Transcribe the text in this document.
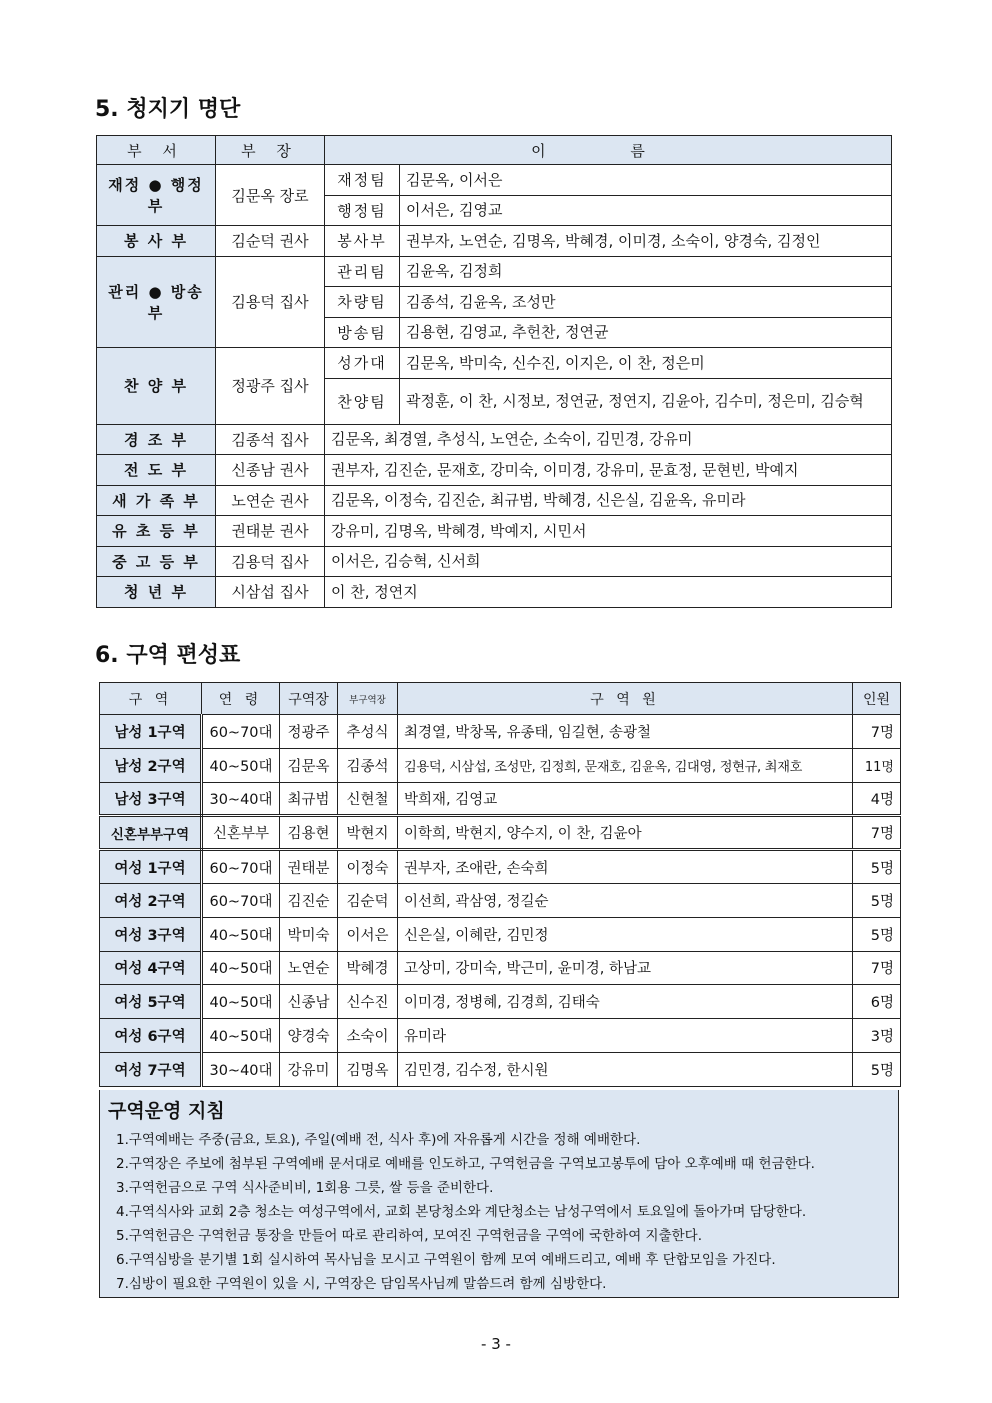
5. 청지기 명단
부 서	부 장	이 름	
재정 ● 행정부	김문옥 장로	재정팀	김문옥, 이서은
		행정팀	이서은, 김영교
봉 사 부	김순덕 권사	봉사부	권부자, 노연순, 김명옥, 박혜경, 이미경, 소숙이, 양경숙, 김정인
관리 ● 방송부	김용덕 집사	관리팀	김윤옥, 김정희
		차량팀	김종석, 김윤옥, 조성만
		방송팀	김용현, 김영교, 추헌찬, 정연균
찬 양 부	정광주 집사	성가대	김문옥, 박미숙, 신수진, 이지은, 이 찬, 정은미
		찬양팀	곽정훈, 이 찬, 시정보, 정연균, 정연지, 김윤아, 김수미, 정은미, 김승혁
경 조 부	김종석 집사	김문옥, 최경열, 추성식, 노연순, 소숙이, 김민경, 강유미	
전 도 부	신종남 권사	권부자, 김진순, 문재호, 강미숙, 이미경, 강유미, 문효정, 문현빈, 박예지	
새 가 족 부	노연순 권사	김문옥, 이정숙, 김진순, 최규범, 박혜경, 신은실, 김윤옥, 유미라	
유 초 등 부	권태분 권사	강유미, 김명옥, 박혜경, 박예지, 시민서	
중 고 등 부	김용덕 집사	이서은, 김승혁, 신서희	
청 년 부	시삼섭 집사	이 찬, 정연지	
6. 구역 편성표
구 역	연 령	구역장	부구역장	구 역 원	인원
남성 1구역	60~70대	정광주	추성식	최경열, 박창목, 유종태, 임길현, 송광철	7명
남성 2구역	40~50대	김문옥	김종석	김용덕, 시삼섭, 조성만, 김정희, 문재호, 김윤옥, 김대영, 정현규, 최재호	11명
남성 3구역	30~40대	최규범	신현철	박희재, 김영교	4명
신혼부부구역	신혼부부	김용현	박현지	이학희, 박현지, 양수지, 이 찬, 김윤아	7명
여성 1구역	60~70대	권태분	이정숙	권부자, 조애란, 손숙희	5명
여성 2구역	60~70대	김진순	김순덕	이선희, 곽삼영, 정길순	5명
여성 3구역	40~50대	박미숙	이서은	신은실, 이혜란, 김민정	5명
여성 4구역	40~50대	노연순	박혜경	고상미, 강미숙, 박근미, 윤미경, 하남교	7명
여성 5구역	40~50대	신종남	신수진	이미경, 정병혜, 김경희, 김태숙	6명
여성 6구역	40~50대	양경숙	소숙이	유미라	3명
여성 7구역	30~40대	강유미	김명옥	김민경, 김수정, 한시원	5명
구역운영 지침
1.구역예배는 주중(금요, 토요), 주일(예배 전, 식사 후)에 자유롭게 시간을 정해 예배한다.
2.구역장은 주보에 첨부된 구역예배 문서대로 예배를 인도하고, 구역헌금을 구역보고봉투에 담아 오후예배 때 헌금한다.
3.구역헌금으로 구역 식사준비비, 1회용 그릇, 쌀 등을 준비한다.
4.구역식사와 교회 2층 청소는 여성구역에서, 교회 본당청소와 계단청소는 남성구역에서 토요일에 돌아가며 담당한다.
5.구역헌금은 구역헌금 통장을 만들어 따로 관리하여, 모여진 구역헌금을 구역에 국한하여 지출한다.
6.구역심방을 분기별 1회 실시하여 목사님을 모시고 구역원이 함께 모여 예배드리고, 예배 후 단합모임을 가진다.
7.심방이 필요한 구역원이 있을 시, 구역장은 담임목사님께 말씀드려 함께 심방한다.
- 3 -
